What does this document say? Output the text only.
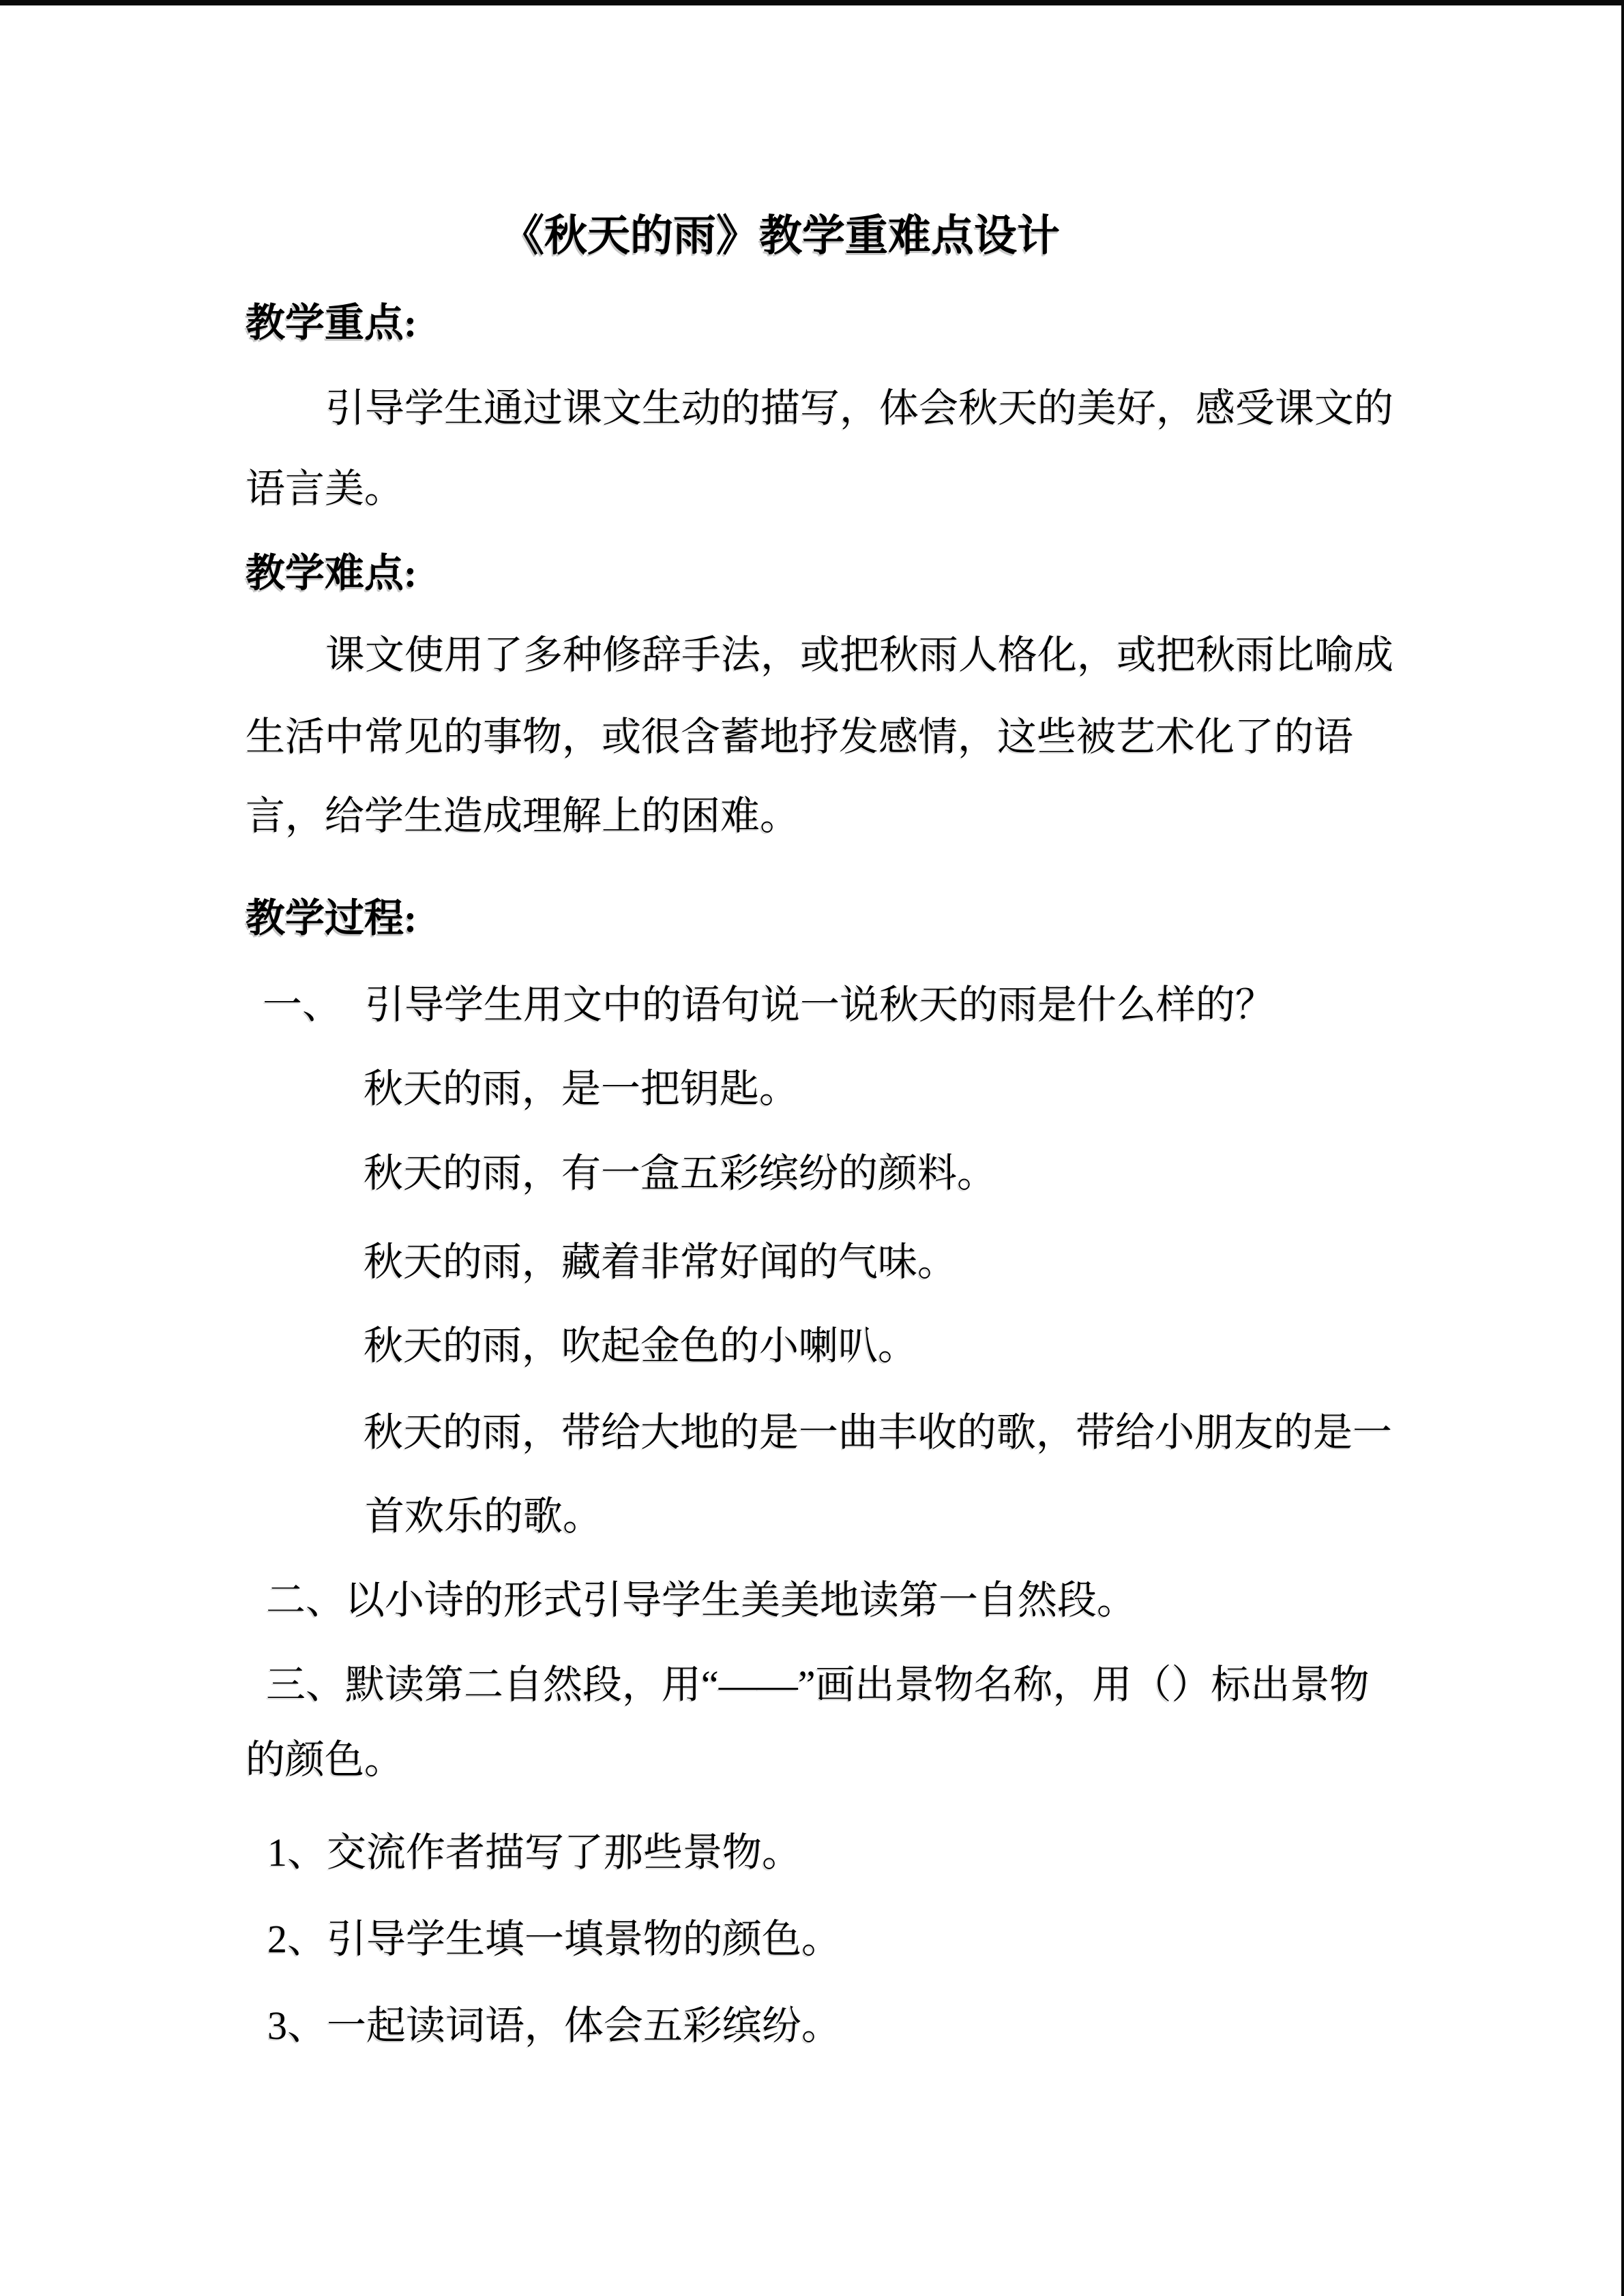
《秋天的雨》教学重难点设计
教学重点:
引导学生通过课文生动的描写，体会秋天的美好，感受课文的
语言美。
教学难点:
课文使用了多种修辞手法，或把秋雨人格化，或把秋雨比喻成
生活中常见的事物，或很含蓄地抒发感情，这些被艺术化了的语
言，给学生造成理解上的困难。
教学过程:
一、 引导学生用文中的语句说一说秋天的雨是什么样的？
秋天的雨，是一把钥匙。
秋天的雨，有一盒五彩缤纷的颜料。
秋天的雨，藏着非常好闻的气味。
秋天的雨，吹起金色的小喇叭。
秋天的雨，带给大地的是一曲丰收的歌，带给小朋友的是一
首欢乐的歌。
二、以小诗的形式引导学生美美地读第一自然段。
三、默读第二自然段，用“——”画出景物名称，用（）标出景物
的颜色。
1、交流作者描写了那些景物。
2、引导学生填一填景物的颜色。
3、一起读词语，体会五彩缤纷。
